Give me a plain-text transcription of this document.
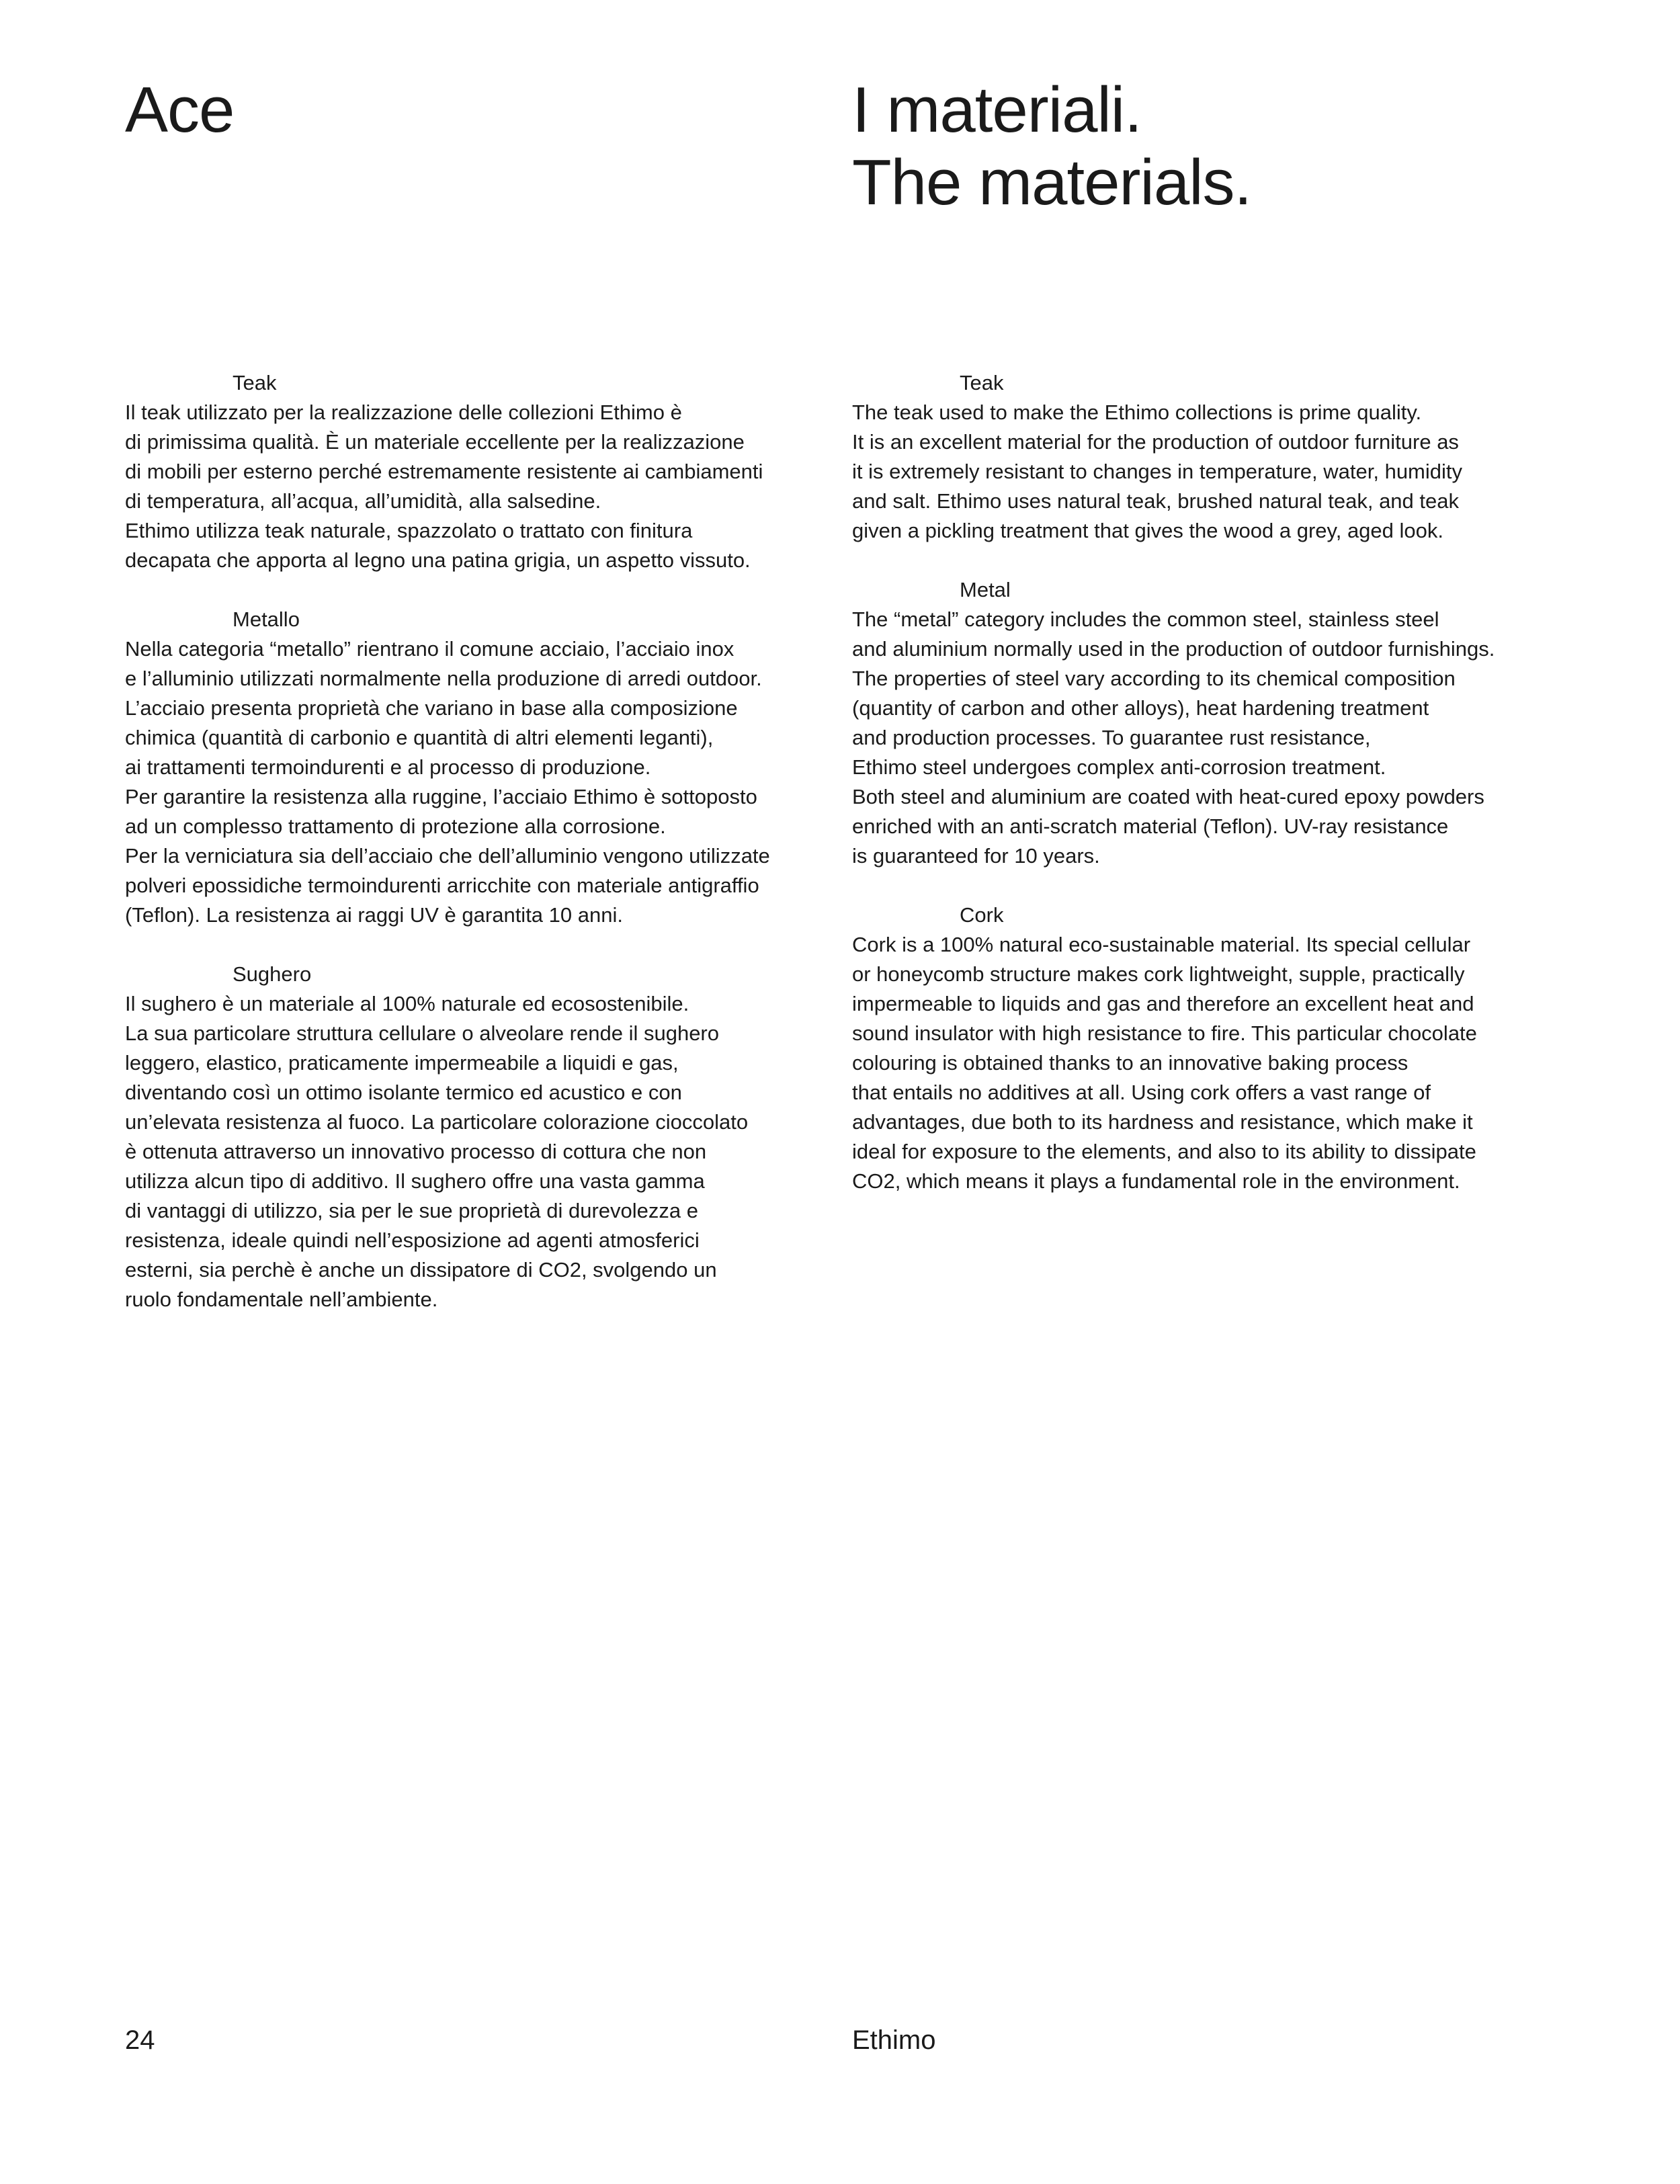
Ace	I materiali.
The materials.
Teak

Il teak utilizzato per la realizzazione delle collezioni Ethimo è
di primissima qualità. È un materiale eccellente per la realizzazione
di mobili per esterno perché estremamente resistente ai cambiamenti
di temperatura, all’acqua, all’umidità, alla salsedine.
Ethimo utilizza teak naturale, spazzolato o trattato con finitura
decapata che apporta al legno una patina grigia, un aspetto vissuto.

Metallo

Nella categoria “metallo” rientrano il comune acciaio, l’acciaio inox
e l’alluminio utilizzati normalmente nella produzione di arredi outdoor.
L’acciaio presenta proprietà che variano in base alla composizione
chimica (quantità di carbonio e quantità di altri elementi leganti),
ai trattamenti termoindurenti e al processo di produzione.
Per garantire la resistenza alla ruggine, l’acciaio Ethimo è sottoposto
ad un complesso trattamento di protezione alla corrosione.
Per la verniciatura sia dell’acciaio che dell’alluminio vengono utilizzate
polveri epossidiche termoindurenti arricchite con materiale antigraffio
(Teflon). La resistenza ai raggi UV è garantita 10 anni.

Sughero

Il sughero è un materiale al 100% naturale ed ecosostenibile.
La sua particolare struttura cellulare o alveolare rende il sughero
leggero, elastico, praticamente impermeabile a liquidi e gas,
diventando così un ottimo isolante termico ed acustico e con
un’elevata resistenza al fuoco. La particolare colorazione cioccolato
è ottenuta attraverso un innovativo processo di cottura che non
utilizza alcun tipo di additivo. Il sughero offre una vasta gamma
di vantaggi di utilizzo, sia per le sue proprietà di durevolezza e
resistenza, ideale quindi nell’esposizione ad agenti atmosferici
esterni, sia perchè è anche un dissipatore di CO2, svolgendo un
ruolo fondamentale nell’ambiente.

Teak

The teak used to make the Ethimo collections is prime quality.
It is an excellent material for the production of outdoor furniture as
it is extremely resistant to changes in temperature, water, humidity
and salt. Ethimo uses natural teak, brushed natural teak, and teak
given a pickling treatment that gives the wood a grey, aged look.

Metal

The “metal” category includes the common steel, stainless steel
and aluminium normally used in the production of outdoor furnishings.
The properties of steel vary according to its chemical composition
(quantity of carbon and other alloys), heat hardening treatment
and production processes. To guarantee rust resistance,
Ethimo steel undergoes complex anti-corrosion treatment.
Both steel and aluminium are coated with heat-cured epoxy powders
enriched with an anti-scratch material (Teflon). UV-ray resistance
is guaranteed for 10 years.

Cork

Cork is a 100% natural eco-sustainable material. Its special cellular
or honeycomb structure makes cork lightweight, supple, practically
impermeable to liquids and gas and therefore an excellent heat and
sound insulator with high resistance to fire. This particular chocolate
colouring is obtained thanks to an innovative baking process
that entails no additives at all. Using cork offers a vast range of
advantages, due both to its hardness and resistance, which make it
ideal for exposure to the elements, and also to its ability to dissipate
CO2, which means it plays a fundamental role in the environment.

24	Ethimo
